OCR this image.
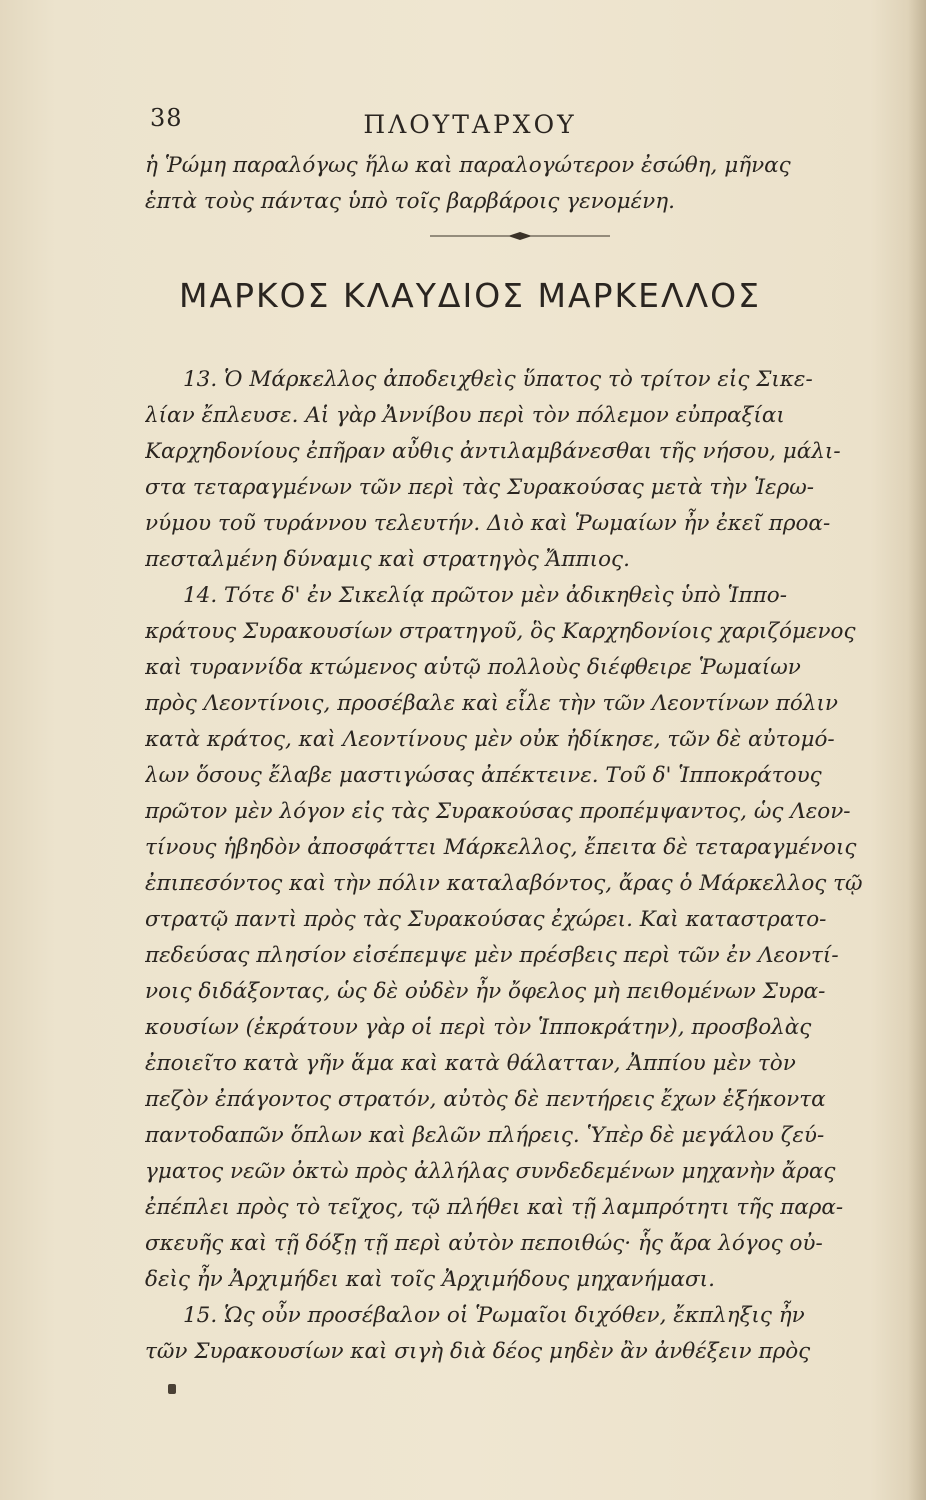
38	ΠΛΟΥΤΑΡΧΟΥ
ἡ Ῥώμη παραλόγως ἥλω καὶ παραλογώτερον ἐσώθη, μῆνας
ἑπτὰ τοὺς πάντας ὑπὸ τοῖς βαρβάροις γενομένη.
ΜΑΡΚΟΣ ΚΛΑΥΔΙΟΣ ΜΑΡΚΕΛΛΟΣ
13. Ὁ Μάρκελλος ἀποδειχθεὶς ὕπατος τὸ τρίτον εἰς Σικε-
λίαν ἔπλευσε. Αἱ γὰρ Ἀννίβου περὶ τὸν πόλεμον εὐπραξίαι
Καρχηδονίους ἐπῆραν αὖθις ἀντιλαμβάνεσθαι τῆς νήσου, μάλι-
στα τεταραγμένων τῶν περὶ τὰς Συρακούσας μετὰ τὴν Ἱερω-
νύμου τοῦ τυράννου τελευτήν. Διὸ καὶ Ῥωμαίων ἦν ἐκεῖ προα-
πεσταλμένη δύναμις καὶ στρατηγὸς Ἄππιος.
14. Τότε δ' ἐν Σικελίᾳ πρῶτον μὲν ἀδικηθεὶς ὑπὸ Ἱππο-
κράτους Συρακουσίων στρατηγοῦ, ὃς Καρχηδονίοις χαριζόμενος
καὶ τυραννίδα κτώμενος αὑτῷ πολλοὺς διέφθειρε Ῥωμαίων
πρὸς Λεοντίνοις, προσέβαλε καὶ εἷλε τὴν τῶν Λεοντίνων πόλιν
κατὰ κράτος, καὶ Λεοντίνους μὲν οὐκ ἠδίκησε, τῶν δὲ αὐτομό-
λων ὅσους ἔλαβε μαστιγώσας ἀπέκτεινε. Τοῦ δ' Ἱπποκράτους
πρῶτον μὲν λόγον εἰς τὰς Συρακούσας προπέμψαντος, ὡς Λεον-
τίνους ἡβηδὸν ἀποσφάττει Μάρκελλος, ἔπειτα δὲ τεταραγμένοις
ἐπιπεσόντος καὶ τὴν πόλιν καταλαβόντος, ἄρας ὁ Μάρκελλος τῷ
στρατῷ παντὶ πρὸς τὰς Συρακούσας ἐχώρει. Καὶ καταστρατο-
πεδεύσας πλησίον εἰσέπεμψε μὲν πρέσβεις περὶ τῶν ἐν Λεοντί-
νοις διδάξοντας, ὡς δὲ οὐδὲν ἦν ὄφελος μὴ πειθομένων Συρα-
κουσίων (ἐκράτουν γὰρ οἱ περὶ τὸν Ἱπποκράτην), προσβολὰς
ἐποιεῖτο κατὰ γῆν ἅμα καὶ κατὰ θάλατταν, Ἀππίου μὲν τὸν
πεζὸν ἐπάγοντος στρατόν, αὐτὸς δὲ πεντήρεις ἔχων ἑξήκοντα
παντοδαπῶν ὅπλων καὶ βελῶν πλήρεις. Ὑπὲρ δὲ μεγάλου ζεύ-
γματος νεῶν ὀκτὼ πρὸς ἀλλήλας συνδεδεμένων μηχανὴν ἄρας
ἐπέπλει πρὸς τὸ τεῖχος, τῷ πλήθει καὶ τῇ λαμπρότητι τῆς παρα-
σκευῆς καὶ τῇ δόξῃ τῇ περὶ αὐτὸν πεποιθώς· ἧς ἄρα λόγος οὐ-
δεὶς ἦν Ἀρχιμήδει καὶ τοῖς Ἀρχιμήδους μηχανήμασι.
15. Ὡς οὖν προσέβαλον οἱ Ῥωμαῖοι διχόθεν, ἔκπληξις ἦν
τῶν Συρακουσίων καὶ σιγὴ διὰ δέος μηδὲν ἂν ἀνθέξειν πρὸς
